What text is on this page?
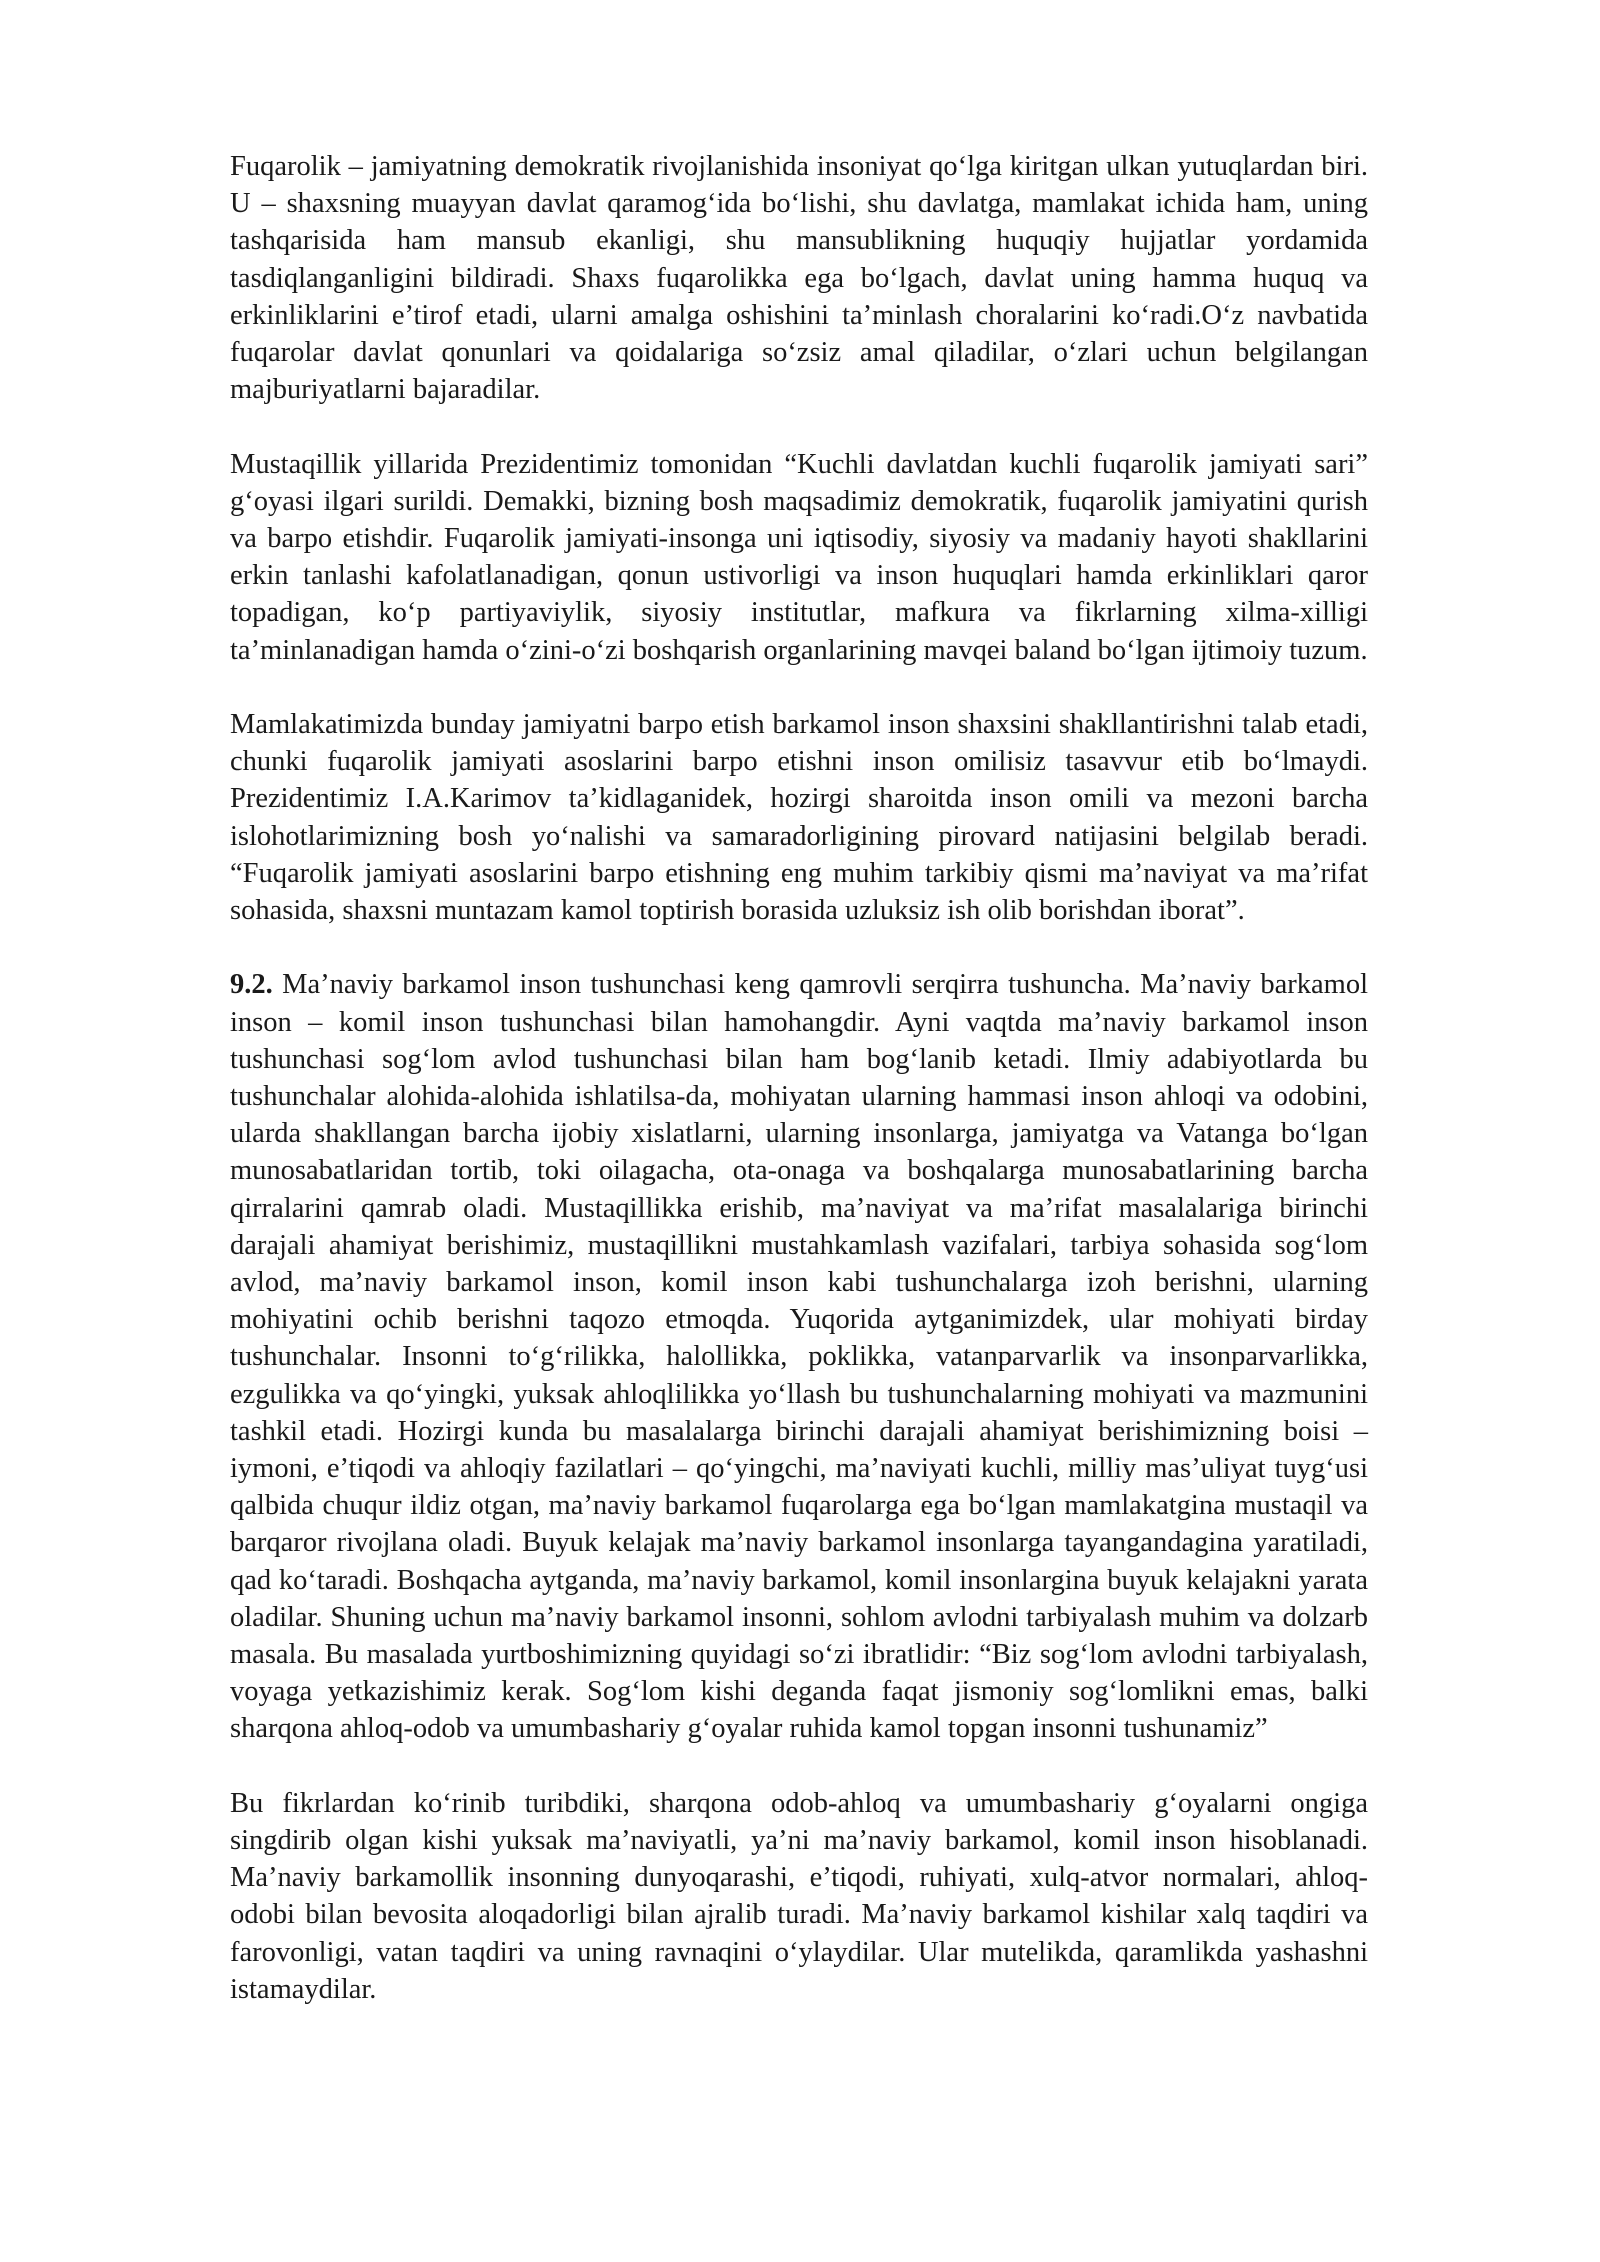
Fuqarolik – jamiyatning demokratik rivojlanishida insoniyat qo‘lga kiritgan ulkan yutuqlardan biri. U – shaxsning muayyan davlat qaramog‘ida bo‘lishi, shu davlatga, mamlakat ichida ham, uning tashqarisida ham mansub ekanligi, shu mansublikning huquqiy hujjatlar yordamida tasdiqlanganligini bildiradi. Shaxs fuqarolikka ega bo‘lgach, davlat uning hamma huquq va erkinliklarini e’tirof etadi, ularni amalga oshishini ta’minlash choralarini ko‘radi.O‘z navbatida fuqarolar davlat qonunlari va qoidalariga so‘zsiz amal qiladilar, o‘zlari uchun belgilangan majburiyatlarni bajaradilar.

Mustaqillik yillarida Prezidentimiz tomonidan “Kuchli davlatdan kuchli fuqarolik jamiyati sari” g‘oyasi ilgari surildi. Demakki, bizning bosh maqsadimiz demokratik, fuqarolik jamiyatini qurish va barpo etishdir. Fuqarolik jamiyati-insonga uni iqtisodiy, siyosiy va madaniy hayoti shakllarini erkin tanlashi kafolatlanadigan, qonun ustivorligi va inson huquqlari hamda erkinliklari qaror topadigan, ko‘p partiyaviylik, siyosiy institutlar, mafkura va fikrlarning xilma-xilligi ta’minlanadigan hamda o‘zini-o‘zi boshqarish organlarining mavqei baland bo‘lgan ijtimoiy tuzum.

Mamlakatimizda bunday jamiyatni barpo etish barkamol inson shaxsini shakllantirishni talab etadi, chunki fuqarolik jamiyati asoslarini barpo etishni inson omilisiz tasavvur etib bo‘lmaydi. Prezidentimiz I.A.Karimov ta’kidlaganidek, hozirgi sharoitda inson omili va mezoni barcha islohotlarimizning bosh yo‘nalishi va samaradorligining pirovard natijasini belgilab beradi. “Fuqarolik jamiyati asoslarini barpo etishning eng muhim tarkibiy qismi ma’naviyat va ma’rifat sohasida, shaxsni muntazam kamol toptirish borasida uzluksiz ish olib borishdan iborat”.

9.2. Ma’naviy barkamol inson tushunchasi keng qamrovli serqirra tushuncha. Ma’naviy barkamol inson – komil inson tushunchasi bilan hamohangdir. Ayni vaqtda ma’naviy barkamol inson tushunchasi sog‘lom avlod tushunchasi bilan ham bog‘lanib ketadi. Ilmiy adabiyotlarda bu tushunchalar alohida-alohida ishlatilsa-da, mohiyatan ularning hammasi inson ahloqi va odobini, ularda shakllangan barcha ijobiy xislatlarni, ularning insonlarga, jamiyatga va Vatanga bo‘lgan munosabatlaridan tortib, toki oilagacha, ota-onaga va boshqalarga munosabatlarining barcha qirralarini qamrab oladi. Mustaqillikka erishib, ma’naviyat va ma’rifat masalalariga birinchi darajali ahamiyat berishimiz, mustaqillikni mustahkamlash vazifalari, tarbiya sohasida sog‘lom avlod, ma’naviy barkamol inson, komil inson kabi tushunchalarga izoh berishni, ularning mohiyatini ochib berishni taqozo etmoqda. Yuqorida aytganimizdek, ular mohiyati birday tushunchalar. Insonni to‘g‘rilikka, halollikka, poklikka, vatanparvarlik va insonparvarlikka, ezgulikka va qo‘yingki, yuksak ahloqlilikka yo‘llash bu tushunchalarning mohiyati va mazmunini tashkil etadi. Hozirgi kunda bu masalalarga birinchi darajali ahamiyat berishimizning boisi – iymoni, e’tiqodi va ahloqiy fazilatlari – qo‘yingchi, ma’naviyati kuchli, milliy mas’uliyat tuyg‘usi qalbida chuqur ildiz otgan, ma’naviy barkamol fuqarolarga ega bo‘lgan mamlakatgina mustaqil va barqaror rivojlana oladi. Buyuk kelajak ma’naviy barkamol insonlarga tayangandagina yaratiladi, qad ko‘taradi. Boshqacha aytganda, ma’naviy barkamol, komil insonlargina buyuk kelajakni yarata oladilar. Shuning uchun ma’naviy barkamol insonni, sohlom avlodni tarbiyalash muhim va dolzarb masala. Bu masalada yurtboshimizning quyidagi so‘zi ibratlidir: “Biz sog‘lom avlodni tarbiyalash, voyaga yetkazishimiz kerak. Sog‘lom kishi deganda faqat jismoniy sog‘lomlikni emas, balki sharqona ahloq-odob va umumbashariy g‘oyalar ruhida kamol topgan insonni tushunamiz”

Bu fikrlardan ko‘rinib turibdiki, sharqona odob-ahloq va umumbashariy g‘oyalarni ongiga singdirib olgan kishi yuksak ma’naviyatli, ya’ni ma’naviy barkamol, komil inson hisoblanadi. Ma’naviy barkamollik insonning dunyoqarashi, e’tiqodi, ruhiyati, xulq-atvor normalari, ahloq-odobi bilan bevosita aloqadorligi bilan ajralib turadi. Ma’naviy barkamol kishilar xalq taqdiri va farovonligi, vatan taqdiri va uning ravnaqini o‘ylaydilar. Ular mutelikda, qaramlikda yashashni istamaydilar.
